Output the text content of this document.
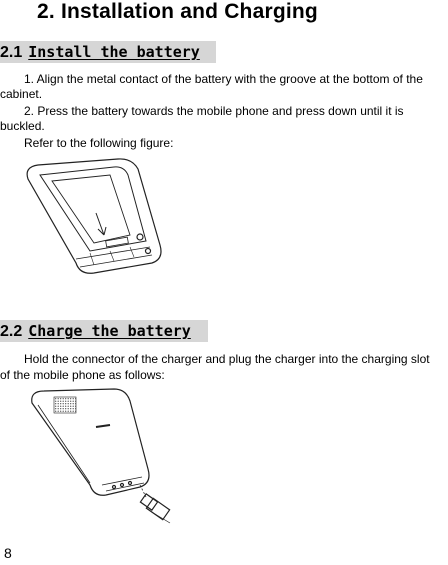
2. Installation and Charging
2.1 Install the battery
1. Align the metal contact of the battery with the groove at the bottom of the
cabinet.
2. Press the battery towards the mobile phone and press down until it is
buckled.
Refer to the following figure:
2.2 Charge the battery
Hold the connector of the charger and plug the charger into the charging slot
of the mobile phone as follows:
8
